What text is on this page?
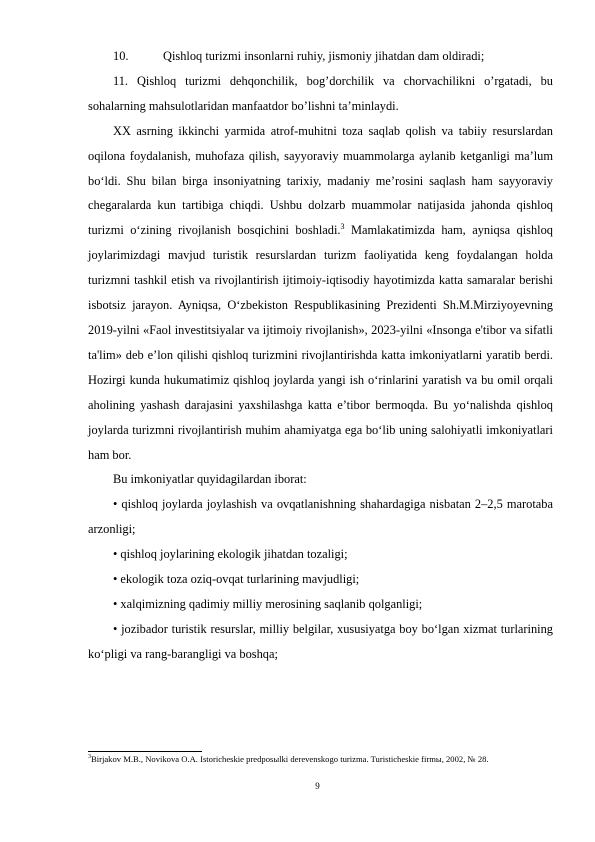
10.	Qishloq turizmi insonlarni ruhiy, jismoniy jihatdan dam oldiradi;

11. Qishloq turizmi dehqonchilik, bog’dorchilik va chorvachilikni o’rgatadi, bu sohalarning mahsulotlaridan manfaatdor bo’lishni ta’minlaydi.

XX asrning ikkinchi yarmida atrof-muhitni toza saqlab qolish va tabiiy resurslardan oqilona foydalanish, muhofaza qilish, sayyoraviy muammolarga aylanib ketganligi ma’lum bo‘ldi. Shu bilan birga insoniyatning tarixiy, madaniy me’rosini saqlash ham sayyoraviy chegaralarda kun tartibiga chiqdi. Ushbu dolzarb muammolar natijasida jahonda qishloq turizmi o‘zining rivojlanish bosqichini boshladi.$^3$ Mamlakatimizda ham, ayniqsa qishloq joylarimizdagi mavjud turistik resurslardan turizm faoliyatida keng foydalangan holda turizmni tashkil etish va rivojlantirish ijtimoiy-iqtisodiy hayotimizda katta samaralar berishi isbotsiz jarayon. Ayniqsa, O‘zbekiston Respublikasining Prezidenti Sh.M.Mirziyoyevning 2019-yilni «Faol investitsiyalar va ijtimoiy rivojlanish», 2023-yilni «Insonga e'tibor va sifatli ta'lim» deb e’lon qilishi qishloq turizmini rivojlantirishda katta imkoniyatlarni yaratib berdi. Hozirgi kunda hukumatimiz qishloq joylarda yangi ish o‘rinlarini yaratish va bu omil orqali aholining yashash darajasini yaxshilashga katta e’tibor bermoqda. Bu yo‘nalishda qishloq joylarda turizmni rivojlantirish muhim ahamiyatga ega bo‘lib uning salohiyatli imkoniyatlari ham bor.

Bu imkoniyatlar quyidagilardan iborat:

• qishloq joylarda joylashish va ovqatlanishning shahardagiga nisbatan 2–2,5 marotaba arzonligi;

• qishloq joylarining ekologik jihatdan tozaligi;

• ekologik toza oziq-ovqat turlarining mavjudligi;

• xalqimizning qadimiy milliy merosining saqlanib qolganligi;

• jozibador turistik resurslar, milliy belgilar, xususiyatga boy bo‘lgan xizmat turlarining ko‘pligi va rang-barangligi va boshqa;

$^3$Birjakov M.B., Novikova O.A. Istoricheskie predposыlki derevenskogo turizma. Turisticheskie firmы, 2002, № 28.
9
